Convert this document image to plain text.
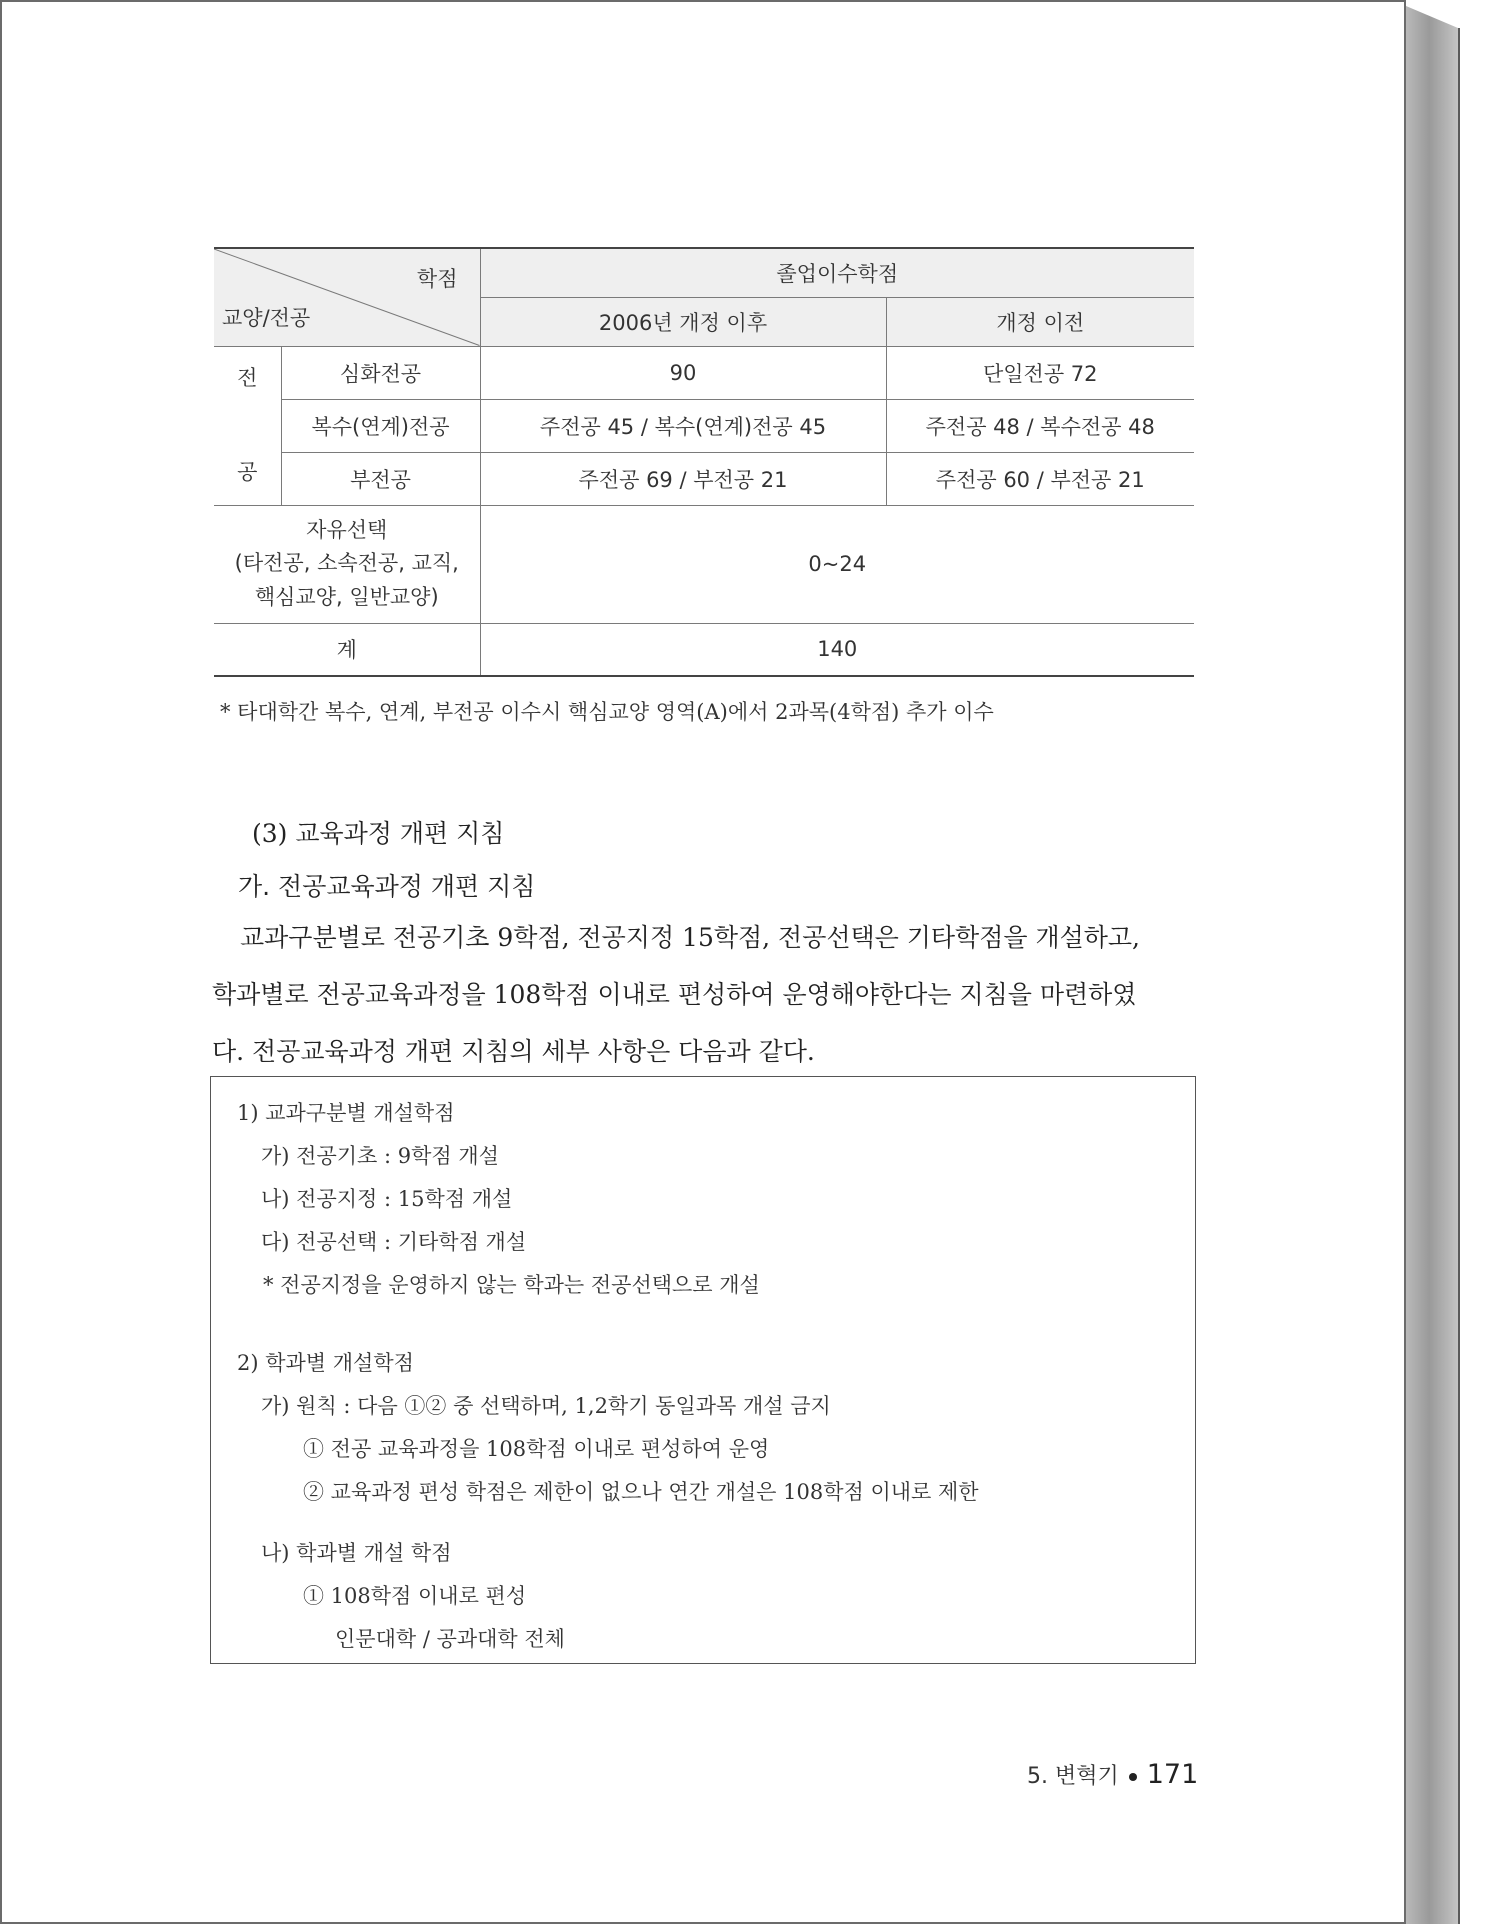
학점
교양/전공		졸업이수학점	
		2006년 개정 이후	개정 이전

전
공	심화전공	90	단일전공 72
	복수(연계)전공	주전공 45 / 복수(연계)전공 45	주전공 48 / 복수전공 48
	부전공	주전공 69 / 부전공 21	주전공 60 / 부전공 21

자유선택
(타전공, 소속전공, 교직,
핵심교양, 일반교양)		0~24	
계		140	
* 타대학간 복수, 연계, 부전공 이수시 핵심교양 영역(A)에서 2과목(4학점) 추가 이수
(3) 교육과정 개편 지침
가. 전공교육과정 개편 지침
교과구분별로 전공기초 9학점, 전공지정 15학점, 전공선택은 기타학점을 개설하고,
학과별로 전공교육과정을 108학점 이내로 편성하여 운영해야한다는 지침을 마련하였
다. 전공교육과정 개편 지침의 세부 사항은 다음과 같다.
1) 교과구분별 개설학점
가) 전공기초 : 9학점 개설
나) 전공지정 : 15학점 개설
다) 전공선택 : 기타학점 개설
* 전공지정을 운영하지 않는 학과는 전공선택으로 개설
2) 학과별 개설학점
가) 원칙 : 다음 ①② 중 선택하며, 1,2학기 동일과목 개설 금지
① 전공 교육과정을 108학점 이내로 편성하여 운영
② 교육과정 편성 학점은 제한이 없으나 연간 개설은 108학점 이내로 제한
나) 학과별 개설 학점
① 108학점 이내로 편성
인문대학 / 공과대학 전체
5. 변혁기 171
